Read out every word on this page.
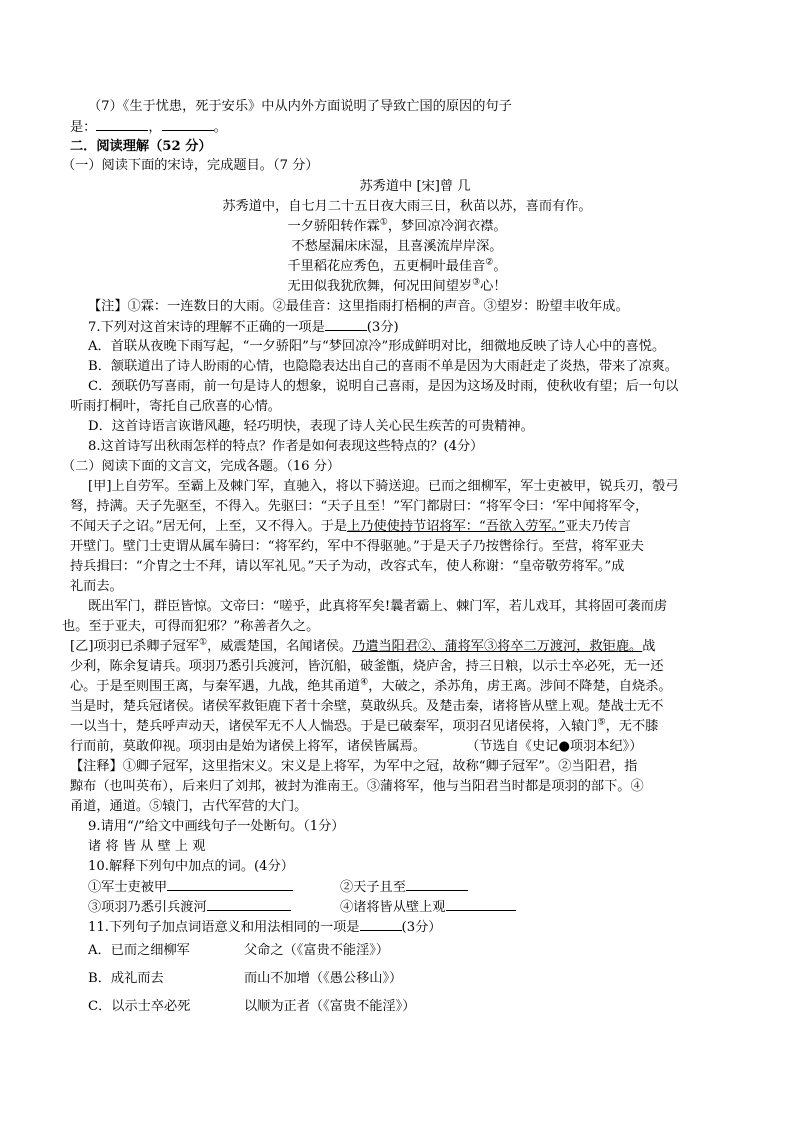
（7）《生于忧患，死于安乐》中从内外方面说明了导致亡国的原因的句子
是：	，	。
二．阅读理解（52 分）
（一）阅读下面的宋诗，完成题目。（7 分）
苏秀道中 [宋]曾 几
苏秀道中，自七月二十五日夜大雨三日，秋苗以苏，喜而有作。
一夕骄阳转作霖①，梦回凉冷润衣襟。
不愁屋漏床床湿，且喜溪流岸岸深。
千里稻花应秀色，五更桐叶最佳音②。
无田似我犹欣舞，何况田间望岁③心！
【注】①霖：一连数日的大雨。②最佳音：这里指雨打梧桐的声音。③望岁：盼望丰收年成。
7.下列对这首宋诗的理解不正确的一项是	(3分)
A．首联从夜晚下雨写起，“一夕骄阳”与“梦回凉冷”形成鲜明对比，细微地反映了诗人心中的喜悦。
B．颔联道出了诗人盼雨的心情，也隐隐表达出自己的喜雨不单是因为大雨赶走了炎热，带来了凉爽。
C．颈联仍写喜雨，前一句是诗人的想象，说明自己喜雨，是因为这场及时雨，使秋收有望；后一句以
听雨打桐叶，寄托自己欣喜的心情。
D．这首诗语言诙谐风趣，轻巧明快，表现了诗人关心民生疾苦的可贵精神。
8.这首诗写出秋雨怎样的特点？作者是如何表现这些特点的？(4分）
（二）阅读下面的文言文，完成各题。（16 分）
[甲]上自劳军。至霸上及棘门军，直驰入，将以下骑送迎。已而之细柳军，军士吏被甲，锐兵刃，彀弓
弩，持满。天子先驱至，不得入。先驱曰：“天子且至！”军门都尉曰：“将军令曰：‘军中闻将军令，
不闻天子之诏。”居无何，上至，又不得入。于是上乃使使持节诏将军：“吾欲入劳军。”亚夫乃传言
开壁门。壁门士吏谓从属车骑曰：“将军约，军中不得驱驰。”于是天子乃按辔徐行。至营，将军亚夫
持兵揖曰：“介胄之士不拜，请以军礼见。”天子为动，改容式车，使人称谢：“皇帝敬劳将军。”成
礼而去。
既出军门，群臣皆惊。文帝曰：“嗟乎，此真将军矣!曩者霸上、棘门军，若儿戏耳，其将固可袭而虏
也。至于亚夫，可得而犯邪？”称善者久之。
[乙]项羽已杀卿子冠军①，威震楚国，名闻诸侯。乃遣当阳君②、蒲将军③将卒二万渡河，救钜鹿。战
少利，陈余复请兵。项羽乃悉引兵渡河，皆沉船，破釜甑，烧庐舍，持三日粮，以示士卒必死，无一还
心。于是至则围王离，与秦军遇，九战，绝其甬道④，大破之，杀苏角，虏王离。涉间不降楚，自烧杀。
当是时，楚兵冠诸侯。诸侯军救钜鹿下者十余壁，莫敢纵兵。及楚击秦，诸将皆从壁上观。楚战士无不
一以当十，楚兵呼声动天，诸侯军无不人人惴恐。于是已破秦军，项羽召见诸侯将，入辕门⑤，无不膝
行而前，莫敢仰视。项羽由是始为诸侯上将军，诸侯皆属焉。	（节选自《史记●项羽本纪》）
【注释】①卿子冠军，这里指宋义。宋义是上将军，为军中之冠，故称“卿子冠军”。②当阳君，指
黥布（也叫英布），后来归了刘邦，被封为淮南王。③蒲将军，他与当阳君当时都是项羽的部下。④
甬道，通道。⑤辕门，古代军营的大门。
9.请用“/”给文中画线句子一处断句。（1分）
诸 将 皆 从 壁 上 观
10.解释下列句中加点的词。(4分）
①军士吏被甲	②天子且至
③项羽乃悉引兵渡河	④诸将皆从壁上观
11.下列句子加点词语意义和用法相同的一项是	(3分）
A．已而之细柳军	父命之（《富贵不能淫》）
B．成礼而去	而山不加增（《愚公移山》）
C．以示士卒必死	以顺为正者（《富贵不能淫》）
